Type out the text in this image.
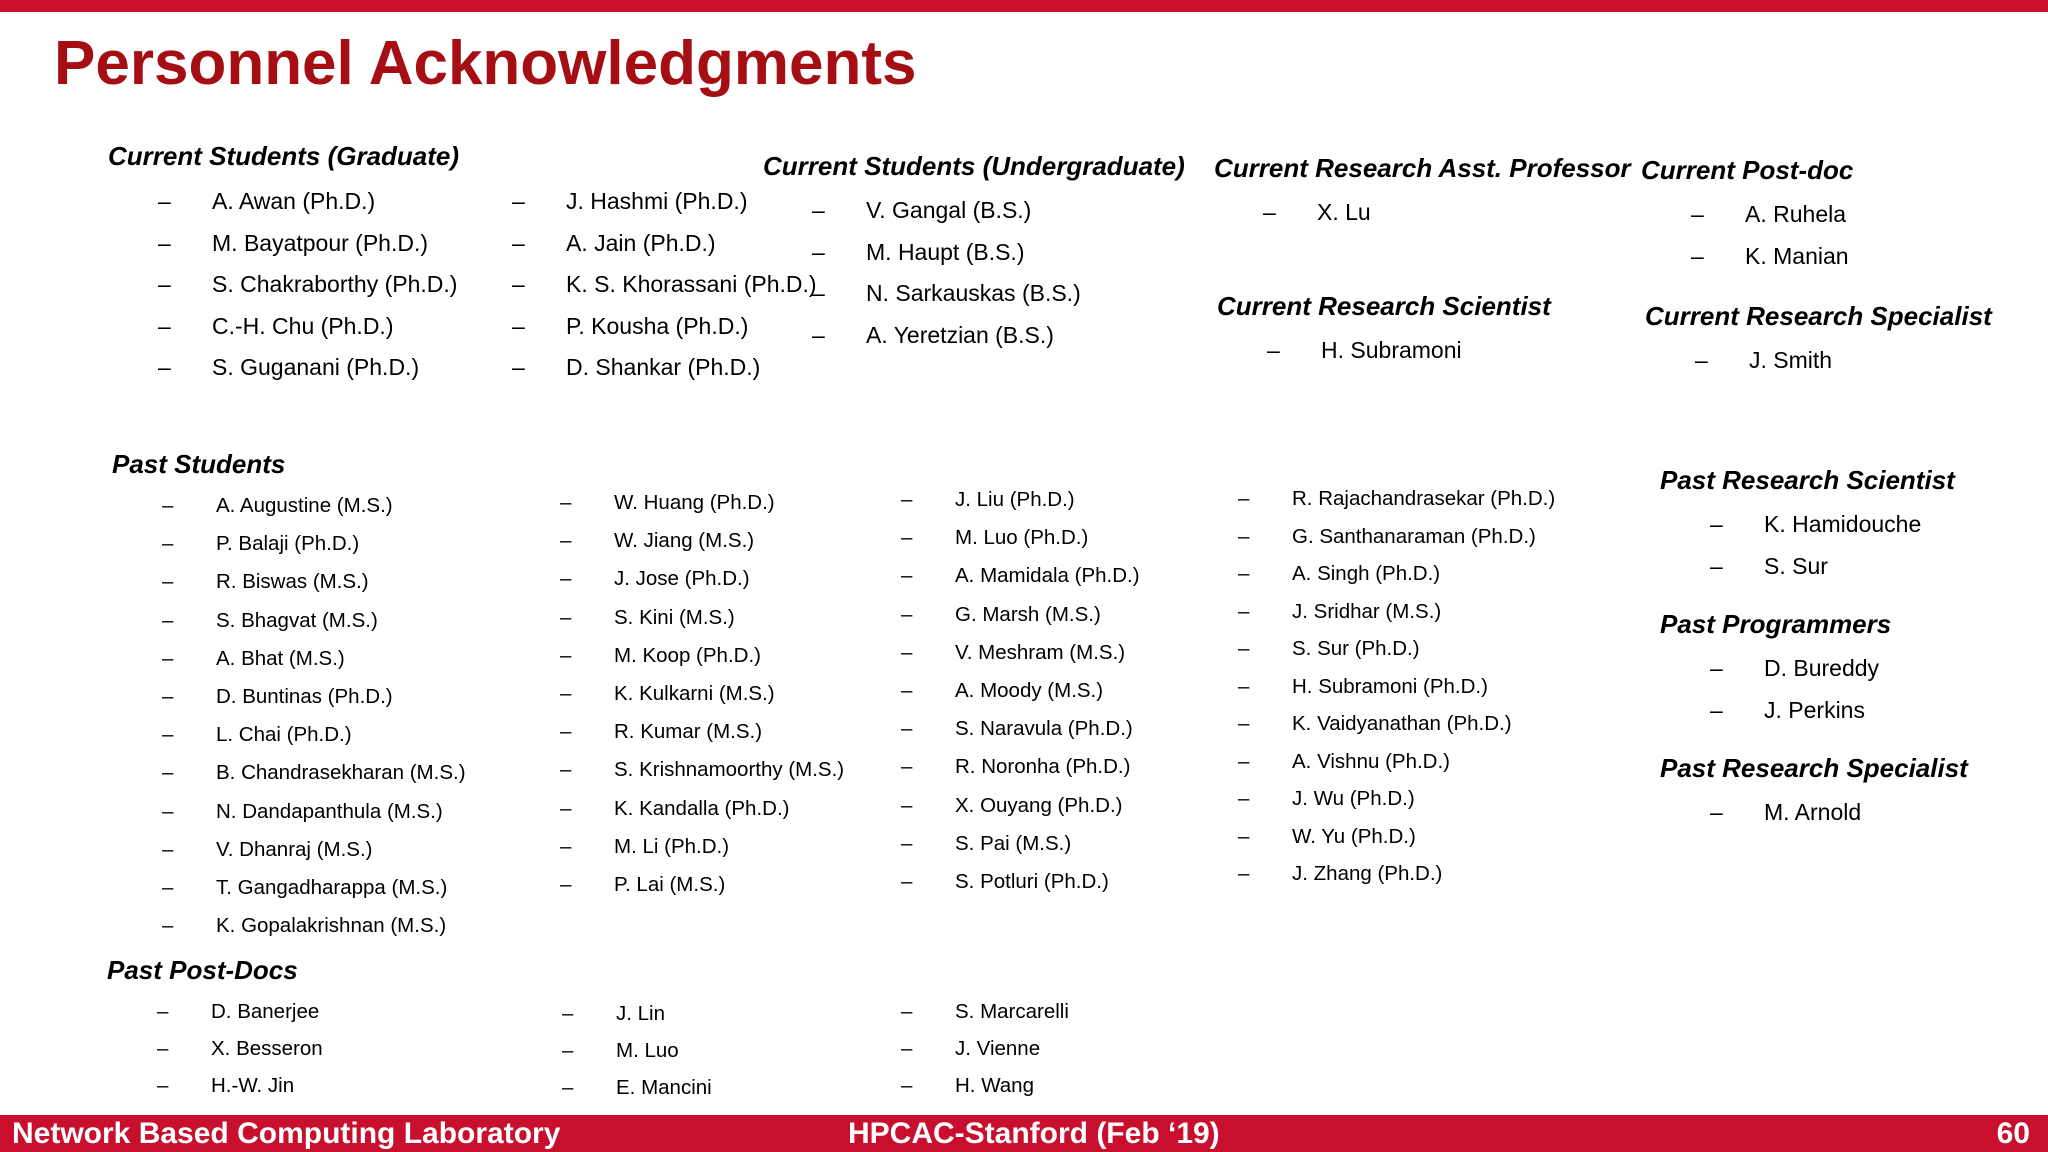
Personnel Acknowledgments
Current Students (Graduate)
– A. Awan (Ph.D.)
– M. Bayatpour (Ph.D.)
– S. Chakraborthy (Ph.D.)
– C.-H. Chu (Ph.D.)
– S. Guganani (Ph.D.)
– J. Hashmi (Ph.D.)
– A. Jain (Ph.D.)
– K. S. Khorassani (Ph.D.)
– P. Kousha (Ph.D.)
– D. Shankar (Ph.D.)
Current Students (Undergraduate)
– V. Gangal (B.S.)
– M. Haupt (B.S.)
– N. Sarkauskas (B.S.)
– A. Yeretzian (B.S.)
Current Research Asst. Professor
– X. Lu
Current Research Scientist
– H. Subramoni
Current Post-doc
– A. Ruhela
– K. Manian
Current Research Specialist
– J. Smith
Past Students
– A. Augustine (M.S.)
– P. Balaji (Ph.D.)
– R. Biswas (M.S.)
– S. Bhagvat (M.S.)
– A. Bhat (M.S.)
– D. Buntinas (Ph.D.)
– L. Chai (Ph.D.)
– B. Chandrasekharan (M.S.)
– N. Dandapanthula (M.S.)
– V. Dhanraj (M.S.)
– T. Gangadharappa (M.S.)
– K. Gopalakrishnan (M.S.)
– W. Huang (Ph.D.)
– W. Jiang (M.S.)
– J. Jose (Ph.D.)
– S. Kini (M.S.)
– M. Koop (Ph.D.)
– K. Kulkarni (M.S.)
– R. Kumar (M.S.)
– S. Krishnamoorthy (M.S.)
– K. Kandalla (Ph.D.)
– M. Li (Ph.D.)
– P. Lai (M.S.)
– J. Liu (Ph.D.)
– M. Luo (Ph.D.)
– A. Mamidala (Ph.D.)
– G. Marsh (M.S.)
– V. Meshram (M.S.)
– A. Moody (M.S.)
– S. Naravula (Ph.D.)
– R. Noronha (Ph.D.)
– X. Ouyang (Ph.D.)
– S. Pai (M.S.)
– S. Potluri (Ph.D.)
– R. Rajachandrasekar (Ph.D.)
– G. Santhanaraman (Ph.D.)
– A. Singh (Ph.D.)
– J. Sridhar (M.S.)
– S. Sur (Ph.D.)
– H. Subramoni (Ph.D.)
– K. Vaidyanathan (Ph.D.)
– A. Vishnu (Ph.D.)
– J. Wu (Ph.D.)
– W. Yu (Ph.D.)
– J. Zhang (Ph.D.)
Past Research Scientist
– K. Hamidouche
– S. Sur
Past Programmers
– D. Bureddy
– J. Perkins
Past Research Specialist
– M. Arnold
Past Post-Docs
– D. Banerjee
– X. Besseron
– H.-W. Jin
– J. Lin
– M. Luo
– E. Mancini
– S. Marcarelli
– J. Vienne
– H. Wang
Network Based Computing Laboratory	HPCAC-Stanford (Feb ‘19)	60
